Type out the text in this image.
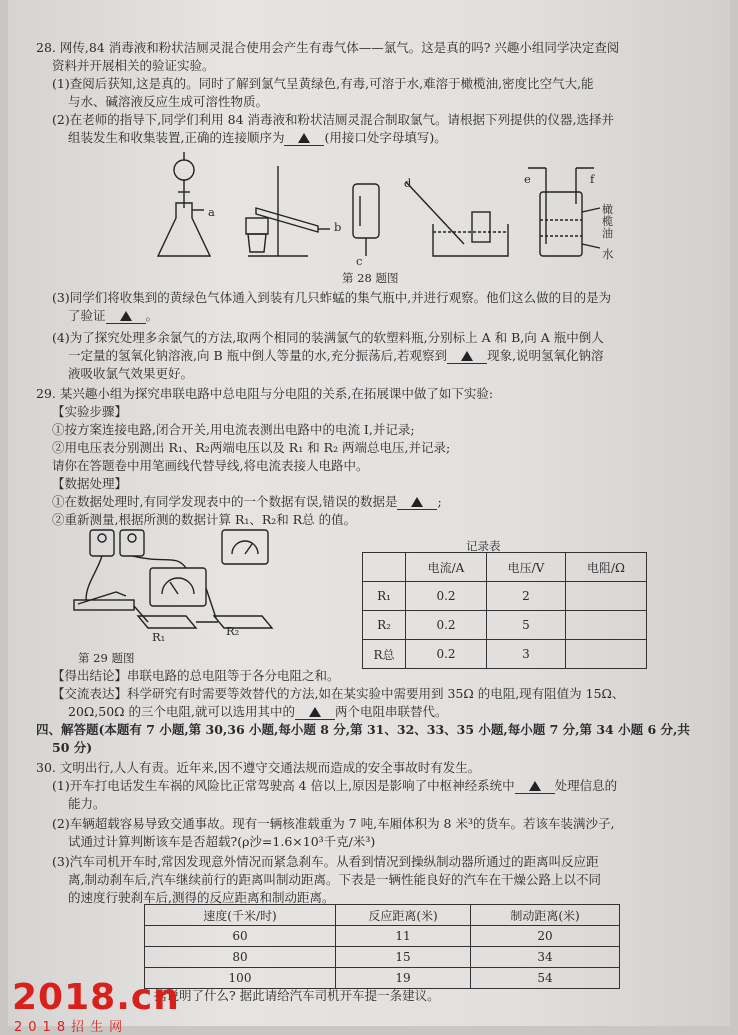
28. 网传,84 消毒液和粉状洁厕灵混合使用会产生有毒气体——氯气。这是真的吗? 兴趣小组同学决定查阅
资料并开展相关的验证实验。
(1)查阅后获知,这是真的。同时了解到氯气呈黄绿色,有毒,可溶于水,难溶于橄榄油,密度比空气大,能
与水、碱溶液反应生成可溶性物质。
(2)在老师的指导下,同学们利用 84 消毒液和粉状洁厕灵混合制取氯气。请根据下列提供的仪器,选择并
组装发生和收集装置,正确的连接顺序为	(用接口处字母填写)。
a
b
c
d	e	f
橄榄油
水
第 28 题图
(3)同学们将收集到的黄绿色气体通入到装有几只蚱蜢的集气瓶中,并进行观察。他们这么做的目的是为
了验证	。
(4)为了探究处理多余氯气的方法,取两个相同的装满氯气的软塑料瓶,分别标上 A 和 B,向 A 瓶中倒人
一定量的氢氧化钠溶液,向 B 瓶中倒人等量的水,充分振荡后,若观察到	现象,说明氢氧化钠溶
液吸收氯气效果更好。
29. 某兴趣小组为探究串联电路中总电阻与分电阻的关系,在拓展课中做了如下实验:
【实验步骤】
①按方案连接电路,闭合开关,用电流表测出电路中的电流 I,并记录;
②用电压表分别测出 R₁、R₂两端电压以及 R₁ 和 R₂ 两端总电压,并记录;
请你在答题卷中用笔画线代替导线,将电流表接人电路中。
【数据处理】
①在数据处理时,有同学发现表中的一个数据有误,错误的数据是	;
②重新测量,根据所测的数据计算 R₁、R₂和 R总 的值。
R₁	R₂
第 29 题图
记录表
	电流/A	电压/V	电阻/Ω
R₁	0.2	2	
R₂	0.2	5	
R总	0.2	3	
【得出结论】串联电路的总电阻等于各分电阻之和。
【交流表达】科学研究有时需要等效替代的方法,如在某实验中需要用到 35Ω 的电阻,现有阻值为 15Ω、
20Ω,50Ω 的三个电阻,就可以选用其中的	两个电阻串联替代。
四、解答题(本题有 7 小题,第 30,36 小题,每小题 8 分,第 31、32、33、35 小题,每小题 7 分,第 34 小题 6 分,共
50 分)
30. 文明出行,人人有责。近年来,因不遵守交通法规而造成的安全事故时有发生。
(1)开车打电话发生车祸的风险比正常驾驶高 4 倍以上,原因是影响了中枢神经系统中	处理信息的
能力。
(2)车辆超载容易导致交通事故。现有一辆核准载重为 7 吨,车厢体积为 8 米³的货车。若该车装满沙子,
试通过计算判断该车是否超载?(ρ沙=1.6×10³千克/米³)
(3)汽车司机开车时,常因发现意外情况而紧急刹车。从看到情况到操纵制动器所通过的距离叫反应距
离,制动刹车后,汽车继续前行的距离叫制动距离。下表是一辆性能良好的汽车在干燥公路上以不同
的速度行驶刹车后,测得的反应距离和制动距离。
速度(千米/时)	反应距离(米)	制动距离(米)
60	11	20
80	15	34
100	19	54
据说明了什么? 据此请给汽车司机开车提一条建议。
2018.cn
2018招生网
